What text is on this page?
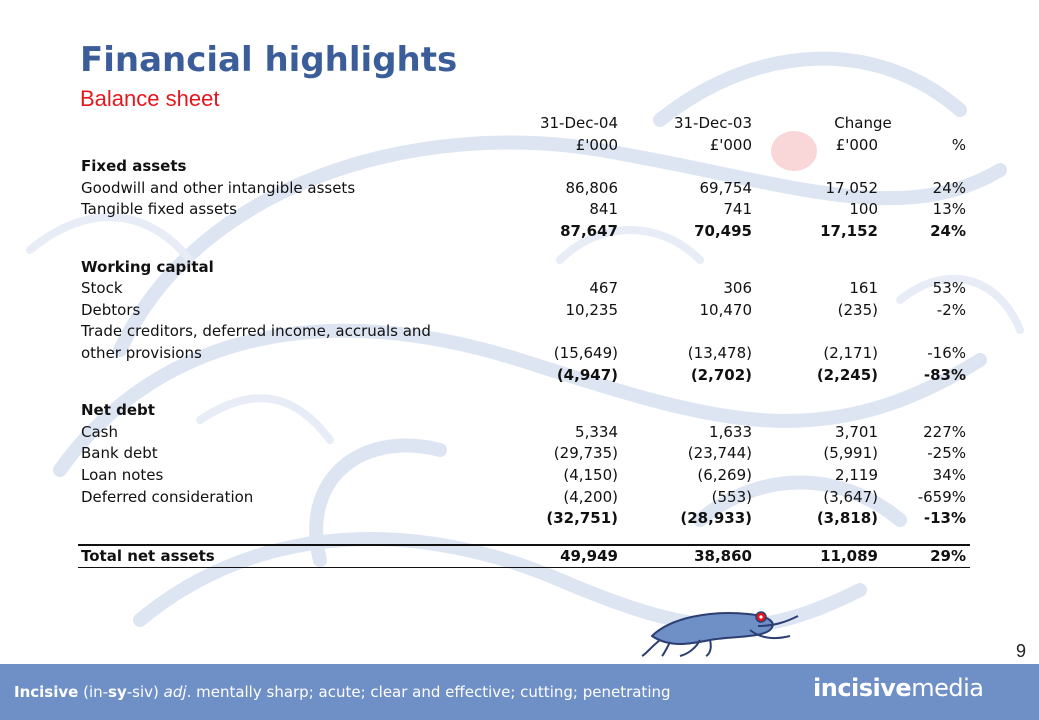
Financial highlights
Balance sheet
	31-Dec-04	31-Dec-03	Change	
	£'000	£'000	£'000	%
Fixed assets				
Goodwill and other intangible assets	86,806	69,754	17,052	24%
Tangible fixed assets	841	741	100	13%
	87,647	70,495	17,152	24%

Working capital				
Stock	467	306	161	53%
Debtors	10,235	10,470	(235)	-2%
Trade creditors, deferred income, accruals and				
other provisions	(15,649)	(13,478)	(2,171)	-16%
	(4,947)	(2,702)	(2,245)	-83%

Net debt				
Cash	5,334	1,633	3,701	227%
Bank debt	(29,735)	(23,744)	(5,991)	-25%
Loan notes	(4,150)	(6,269)	2,119	34%
Deferred consideration	(4,200)	(553)	(3,647)	-659%
	(32,751)	(28,933)	(3,818)	-13%

Total net assets	49,949	38,860	11,089	29%
9
Incisive (in-sy-siv) adj. mentally sharp; acute; clear and effective; cutting; penetrating	incisivemedia
